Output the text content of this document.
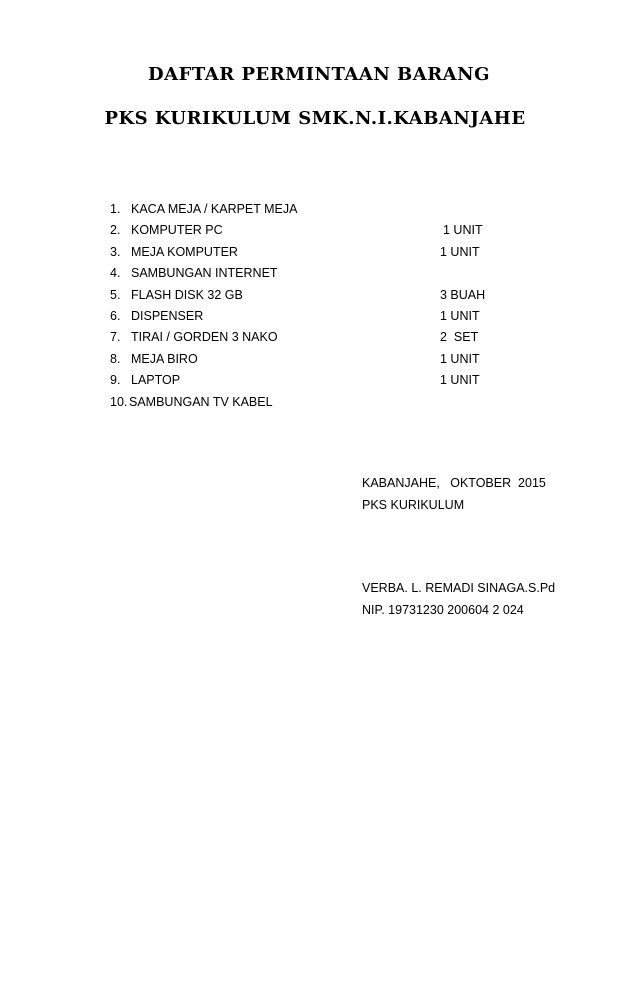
DAFTAR PERMINTAAN BARANG
PKS KURIKULUM SMK.N.I.KABANJAHE
1. KACA MEJA / KARPET MEJA
2. KOMPUTER PC	1 UNIT
3. MEJA KOMPUTER	1 UNIT
4. SAMBUNGAN INTERNET
5. FLASH DISK 32 GB	3 BUAH
6. DISPENSER	1 UNIT
7. TIRAI / GORDEN 3 NAKO	2  SET
8. MEJA BIRO	1 UNIT
9. LAPTOP	1 UNIT
10. SAMBUNGAN TV KABEL
KABANJAHE,   OKTOBER  2015
PKS KURIKULUM
VERBA. L. REMADI SINAGA.S.Pd
NIP. 19731230 200604 2 024
